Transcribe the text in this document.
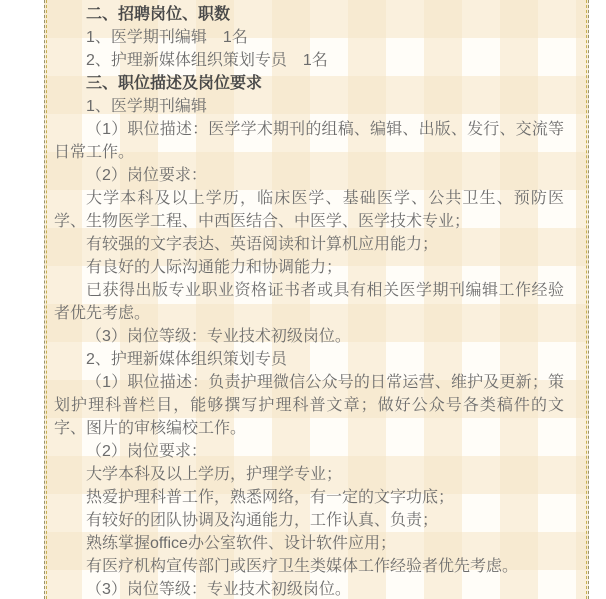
二、招聘岗位、职数

1、医学期刊编辑　1名

2、护理新媒体组织策划专员　1名

三、职位描述及岗位要求

1、医学期刊编辑

（1）职位描述：医学学术期刊的组稿、编辑、出版、发行、交流等日常工作。

（2）岗位要求：

大学本科及以上学历，临床医学、基础医学、公共卫生、预防医学、生物医学工程、中西医结合、中医学、医学技术专业；

有较强的文字表达、英语阅读和计算机应用能力；

有良好的人际沟通能力和协调能力；

已获得出版专业职业资格证书者或具有相关医学期刊编辑工作经验者优先考虑。

（3）岗位等级：专业技术初级岗位。

2、护理新媒体组织策划专员

（1）职位描述：负责护理微信公众号的日常运营、维护及更新；策划护理科普栏目，能够撰写护理科普文章；做好公众号各类稿件的文字、图片的审核编校工作。

（2）岗位要求：

大学本科及以上学历，护理学专业；

热爱护理科普工作，熟悉网络，有一定的文字功底；

有较好的团队协调及沟通能力，工作认真、负责；

熟练掌握office办公室软件、设计软件应用；

有医疗机构宣传部门或医疗卫生类媒体工作经验者优先考虑。

（3）岗位等级：专业技术初级岗位。
